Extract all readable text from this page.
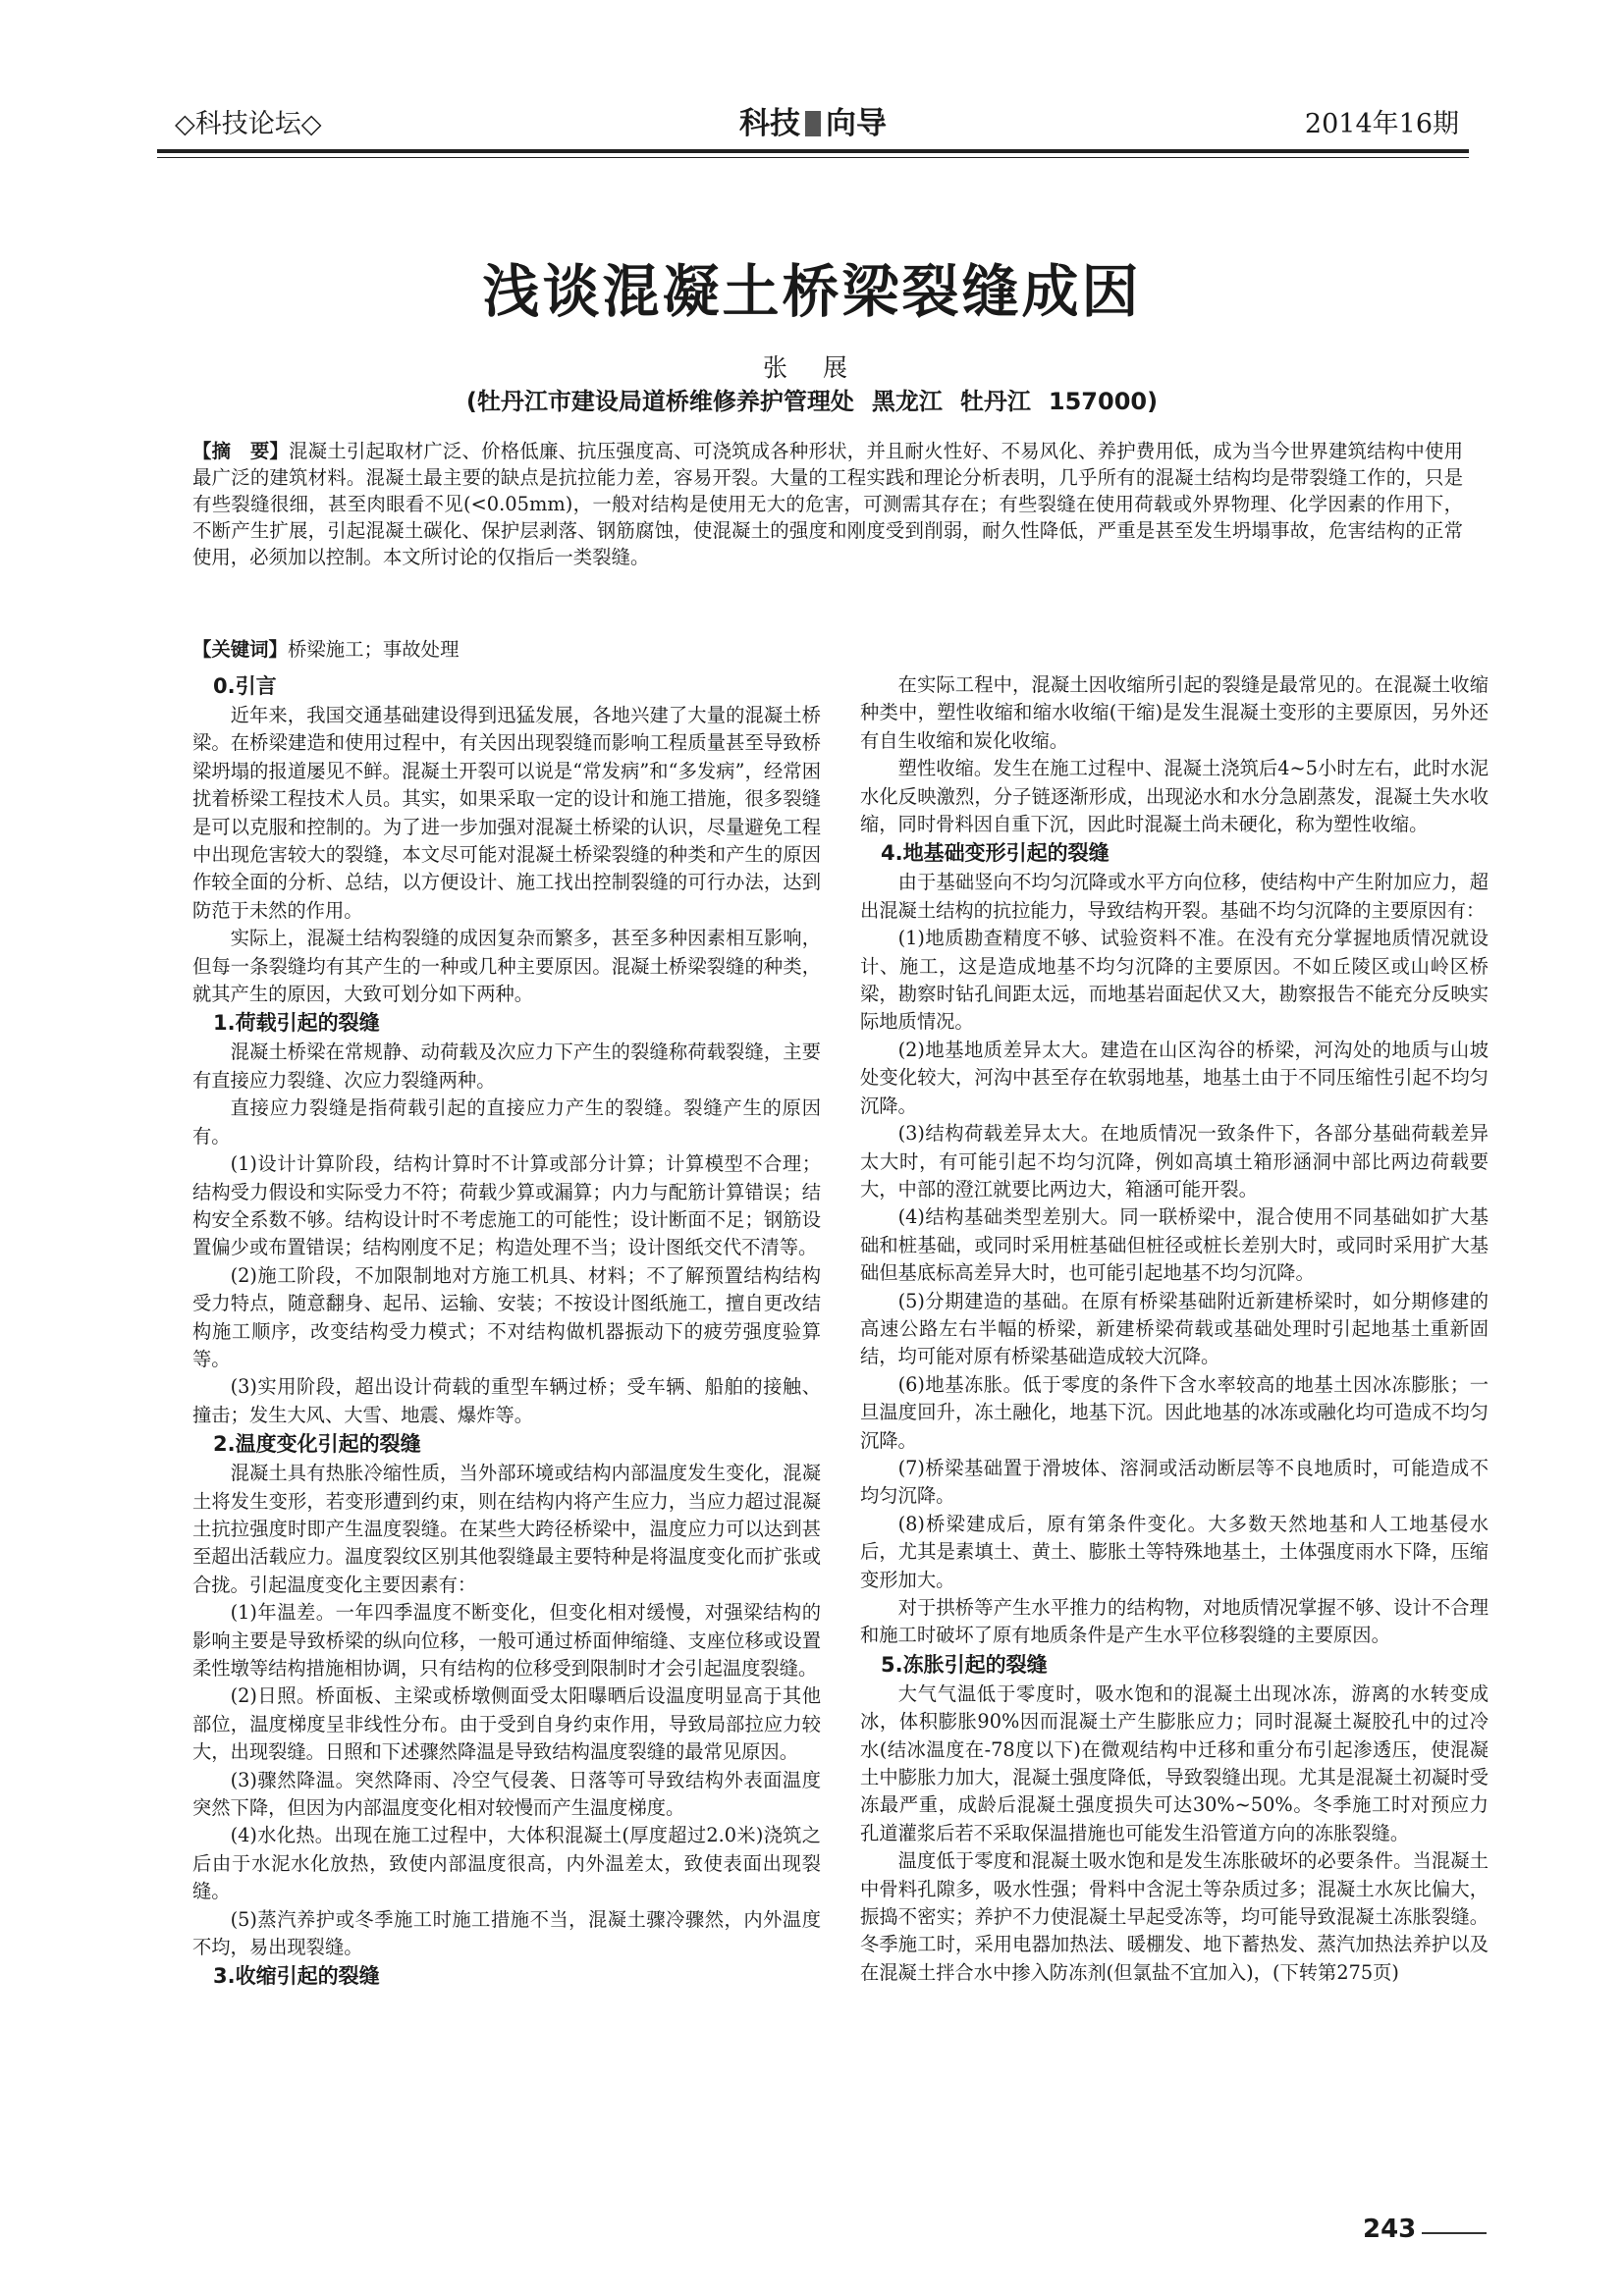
◇科技论坛◇	科技 向导	2014年16期
浅谈混凝土桥梁裂缝成因
张 展
(牡丹江市建设局道桥维修养护管理处 黑龙江 牡丹江 157000)
【摘　要】混凝土引起取材广泛、价格低廉、抗压强度高、可浇筑成各种形状，并且耐火性好、不易风化、养护费用低，成为当今世界建筑结构中使用最广泛的建筑材料。混凝土最主要的缺点是抗拉能力差，容易开裂。大量的工程实践和理论分析表明，几乎所有的混凝土结构均是带裂缝工作的，只是有些裂缝很细，甚至肉眼看不见(<0.05mm)，一般对结构是使用无大的危害，可测需其存在；有些裂缝在使用荷载或外界物理、化学因素的作用下，不断产生扩展，引起混凝土碳化、保护层剥落、钢筋腐蚀，使混凝土的强度和刚度受到削弱，耐久性降低，严重是甚至发生坍塌事故，危害结构的正常使用，必须加以控制。本文所讨论的仅指后一类裂缝。
【关键词】桥梁施工；事故处理
0.引言

近年来，我国交通基础建设得到迅猛发展，各地兴建了大量的混凝土桥梁。在桥梁建造和使用过程中，有关因出现裂缝而影响工程质量甚至导致桥梁坍塌的报道屡见不鲜。混凝土开裂可以说是“常发病”和“多发病”，经常困扰着桥梁工程技术人员。其实，如果采取一定的设计和施工措施，很多裂缝是可以克服和控制的。为了进一步加强对混凝土桥梁的认识，尽量避免工程中出现危害较大的裂缝，本文尽可能对混凝土桥梁裂缝的种类和产生的原因作较全面的分析、总结，以方便设计、施工找出控制裂缝的可行办法，达到防范于未然的作用。

实际上，混凝土结构裂缝的成因复杂而繁多，甚至多种因素相互影响，但每一条裂缝均有其产生的一种或几种主要原因。混凝土桥梁裂缝的种类，就其产生的原因，大致可划分如下两种。

1.荷载引起的裂缝

混凝土桥梁在常规静、动荷载及次应力下产生的裂缝称荷载裂缝，主要有直接应力裂缝、次应力裂缝两种。

直接应力裂缝是指荷载引起的直接应力产生的裂缝。裂缝产生的原因有。

(1)设计计算阶段，结构计算时不计算或部分计算；计算模型不合理；结构受力假设和实际受力不符；荷载少算或漏算；内力与配筋计算错误；结构安全系数不够。结构设计时不考虑施工的可能性；设计断面不足；钢筋设置偏少或布置错误；结构刚度不足；构造处理不当；设计图纸交代不清等。

(2)施工阶段，不加限制地对方施工机具、材料；不了解预置结构结构受力特点，随意翻身、起吊、运输、安装；不按设计图纸施工，擅自更改结构施工顺序，改变结构受力模式；不对结构做机器振动下的疲劳强度验算等。

(3)实用阶段，超出设计荷载的重型车辆过桥；受车辆、船舶的接触、撞击；发生大风、大雪、地震、爆炸等。

2.温度变化引起的裂缝

混凝土具有热胀冷缩性质，当外部环境或结构内部温度发生变化，混凝土将发生变形，若变形遭到约束，则在结构内将产生应力，当应力超过混凝土抗拉强度时即产生温度裂缝。在某些大跨径桥梁中，温度应力可以达到甚至超出活载应力。温度裂纹区别其他裂缝最主要特种是将温度变化而扩张或合拢。引起温度变化主要因素有：

(1)年温差。一年四季温度不断变化，但变化相对缓慢，对强梁结构的影响主要是导致桥梁的纵向位移，一般可通过桥面伸缩缝、支座位移或设置柔性墩等结构措施相协调，只有结构的位移受到限制时才会引起温度裂缝。

(2)日照。桥面板、主梁或桥墩侧面受太阳曝晒后设温度明显高于其他部位，温度梯度呈非线性分布。由于受到自身约束作用，导致局部拉应力较大，出现裂缝。日照和下述骤然降温是导致结构温度裂缝的最常见原因。

(3)骤然降温。突然降雨、冷空气侵袭、日落等可导致结构外表面温度突然下降，但因为内部温度变化相对较慢而产生温度梯度。

(4)水化热。出现在施工过程中，大体积混凝土(厚度超过2.0米)浇筑之后由于水泥水化放热，致使内部温度很高，内外温差太，致使表面出现裂缝。

(5)蒸汽养护或冬季施工时施工措施不当，混凝土骤冷骤然，内外温度不均，易出现裂缝。

3.收缩引起的裂缝

在实际工程中，混凝土因收缩所引起的裂缝是最常见的。在混凝土收缩种类中，塑性收缩和缩水收缩(干缩)是发生混凝土变形的主要原因，另外还有自生收缩和炭化收缩。

塑性收缩。发生在施工过程中、混凝土浇筑后4~5小时左右，此时水泥水化反映激烈，分子链逐渐形成，出现泌水和水分急剧蒸发，混凝土失水收缩，同时骨料因自重下沉，因此时混凝土尚未硬化，称为塑性收缩。

4.地基础变形引起的裂缝

由于基础竖向不均匀沉降或水平方向位移，使结构中产生附加应力，超出混凝土结构的抗拉能力，导致结构开裂。基础不均匀沉降的主要原因有：

(1)地质勘查精度不够、试验资料不准。在没有充分掌握地质情况就设计、施工，这是造成地基不均匀沉降的主要原因。不如丘陵区或山岭区桥梁，勘察时钻孔间距太远，而地基岩面起伏又大，勘察报告不能充分反映实际地质情况。

(2)地基地质差异太大。建造在山区沟谷的桥梁，河沟处的地质与山坡处变化较大，河沟中甚至存在软弱地基，地基土由于不同压缩性引起不均匀沉降。

(3)结构荷载差异太大。在地质情况一致条件下，各部分基础荷载差异太大时，有可能引起不均匀沉降，例如高填土箱形涵洞中部比两边荷载要大，中部的澄江就要比两边大，箱涵可能开裂。

(4)结构基础类型差别大。同一联桥梁中，混合使用不同基础如扩大基础和桩基础，或同时采用桩基础但桩径或桩长差别大时，或同时采用扩大基础但基底标高差异大时，也可能引起地基不均匀沉降。

(5)分期建造的基础。在原有桥梁基础附近新建桥梁时，如分期修建的高速公路左右半幅的桥梁，新建桥梁荷载或基础处理时引起地基土重新固结，均可能对原有桥梁基础造成较大沉降。

(6)地基冻胀。低于零度的条件下含水率较高的地基土因冰冻膨胀；一旦温度回升，冻土融化，地基下沉。因此地基的冰冻或融化均可造成不均匀沉降。

(7)桥梁基础置于滑坡体、溶洞或活动断层等不良地质时，可能造成不均匀沉降。

(8)桥梁建成后，原有第条件变化。大多数天然地基和人工地基侵水后，尤其是素填土、黄土、膨胀土等特殊地基土，土体强度雨水下降，压缩变形加大。

对于拱桥等产生水平推力的结构物，对地质情况掌握不够、设计不合理和施工时破坏了原有地质条件是产生水平位移裂缝的主要原因。

5.冻胀引起的裂缝

大气气温低于零度时，吸水饱和的混凝土出现冰冻，游离的水转变成冰，体积膨胀90%因而混凝土产生膨胀应力；同时混凝土凝胶孔中的过冷水(结冰温度在-78度以下)在微观结构中迁移和重分布引起渗透压，使混凝土中膨胀力加大，混凝土强度降低，导致裂缝出现。尤其是混凝土初凝时受冻最严重，成龄后混凝土强度损失可达30%~50%。冬季施工时对预应力孔道灌浆后若不采取保温措施也可能发生沿管道方向的冻胀裂缝。

温度低于零度和混凝土吸水饱和是发生冻胀破坏的必要条件。当混凝土中骨料孔隙多，吸水性强；骨料中含泥土等杂质过多；混凝土水灰比偏大，振捣不密实；养护不力使混凝土早起受冻等，均可能导致混凝土冻胀裂缝。冬季施工时，采用电器加热法、暖棚发、地下蓄热发、蒸汽加热法养护以及在混凝土拌合水中掺入防冻剂(但氯盐不宜加入)，(下转第275页)

243
